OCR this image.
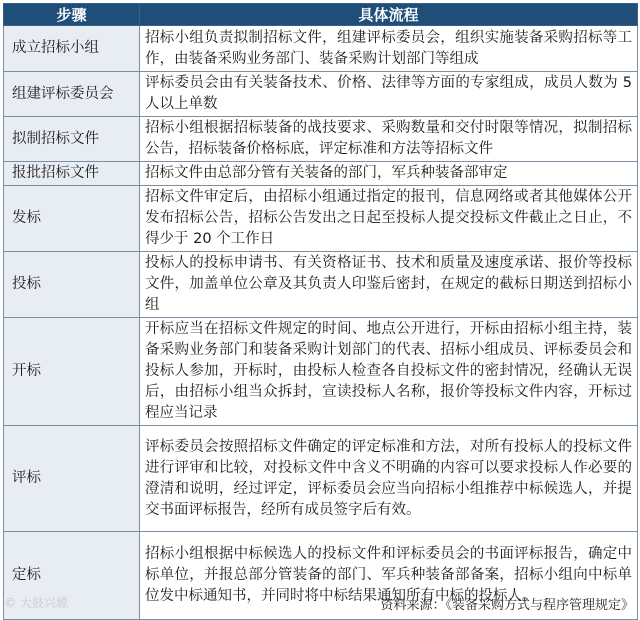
步骤	具体流程
成立招标小组	招标小组负责拟制招标文件，组建评标委员会，组织实施装备采购招标等工作，由装备采购业务部门、装备采购计划部门等组成
组建评标委员会	评标委员会由有关装备技术、价格、法律等方面的专家组成，成员人数为 5 人以上单数
拟制招标文件	招标小组根据招标装备的战技要求、采购数量和交付时限等情况，拟制招标公告，招标装备价格标底，评定标准和方法等招标文件
报批招标文件	招标文件由总部分管有关装备的部门，军兵种装备部审定
发标	招标文件审定后，由招标小组通过指定的报刊，信息网络或者其他媒体公开发布招标公告，招标公告发出之日起至投标人提交投标文件截止之日止，不得少于 20 个工作日
投标	投标人的投标申请书、有关资格证书、技术和质量及速度承诺、报价等投标文件，加盖单位公章及其负责人印鉴后密封，在规定的截标日期送到招标小组
开标	开标应当在招标文件规定的时间、地点公开进行，开标由招标小组主持，装备采购业务部门和装备采购计划部门的代表、招标小组成员、评标委员会和投标人参加，开标时，由投标人检查各自投标文件的密封情况，经确认无误后，由招标小组当众拆封，宣读投标人名称，报价等投标文件内容，开标过程应当记录
评标	评标委员会按照招标文件确定的评定标准和方法，对所有投标人的投标文件进行评审和比较，对投标文件中含义不明确的内容可以要求投标人作必要的澄清和说明，经过评定，评标委员会应当向招标小组推荐中标候选人，并提交书面评标报告，经所有成员签字后有效。
定标	招标小组根据中标候选人的投标文件和评标委员会的书面评标报告，确定中标单位，并报总部分管装备的部门、军兵种装备部备案，招标小组向中标单位发中标通知书，并同时将中标结果通知所有中标的投标人。
© 大鼓兴塬	资料来源：《装备采购方式与程序管理规定》
